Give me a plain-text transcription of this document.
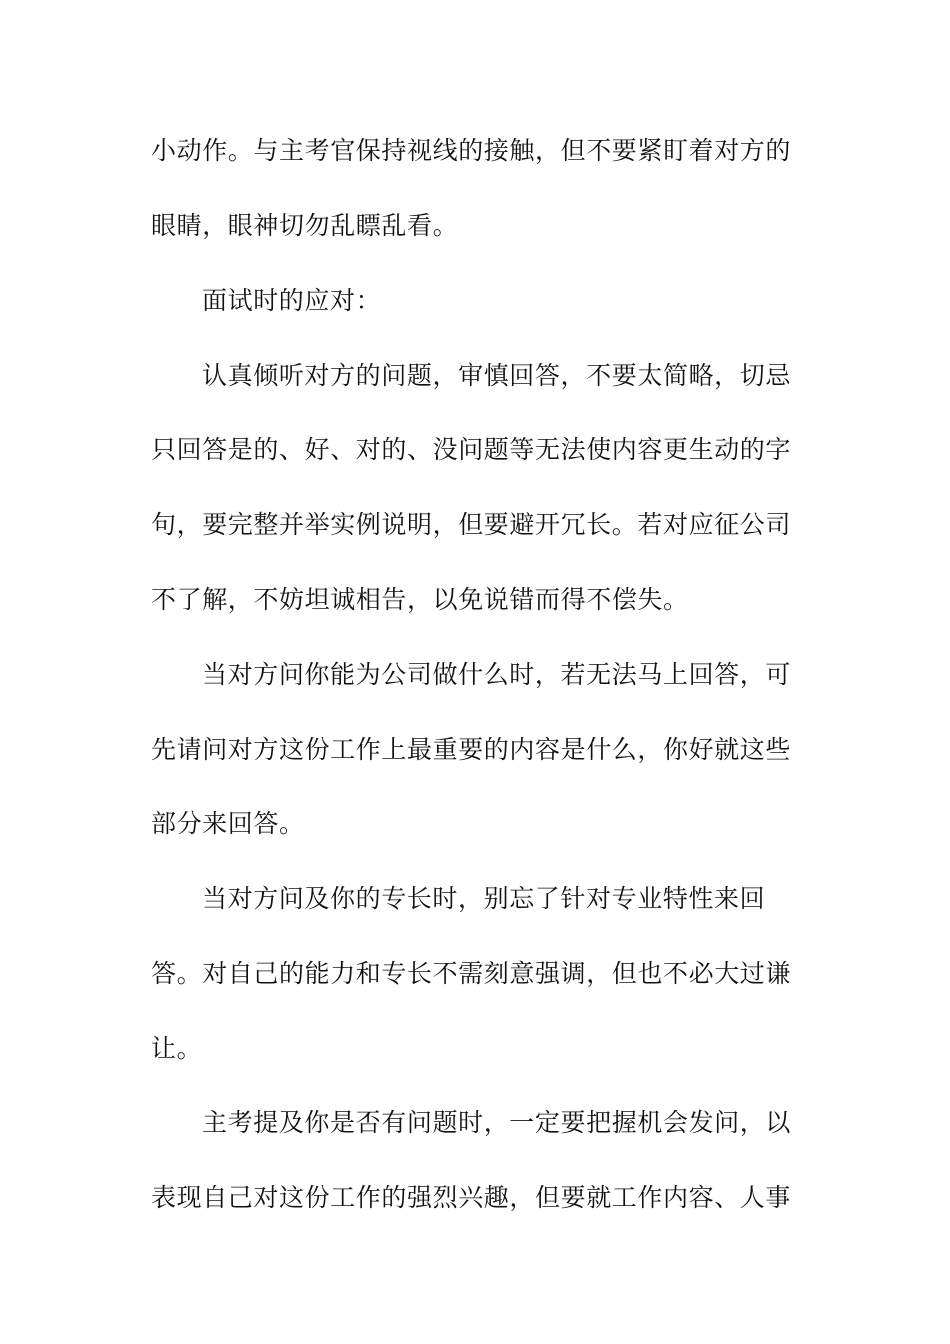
小动作。与主考官保持视线的接触，但不要紧盯着对方的
眼睛，眼神切勿乱瞟乱看。
面试时的应对：
认真倾听对方的问题，审慎回答，不要太简略，切忌
只回答是的、好、对的、没问题等无法使内容更生动的字
句，要完整并举实例说明，但要避开冗长。若对应征公司
不了解，不妨坦诚相告，以免说错而得不偿失。
当对方问你能为公司做什么时，若无法马上回答，可
先请问对方这份工作上最重要的内容是什么，你好就这些
部分来回答。
当对方问及你的专长时，别忘了针对专业特性来回
答。对自己的能力和专长不需刻意强调，但也不必大过谦
让。
主考提及你是否有问题时，一定要把握机会发问，以
表现自己对这份工作的强烈兴趣，但要就工作内容、人事
